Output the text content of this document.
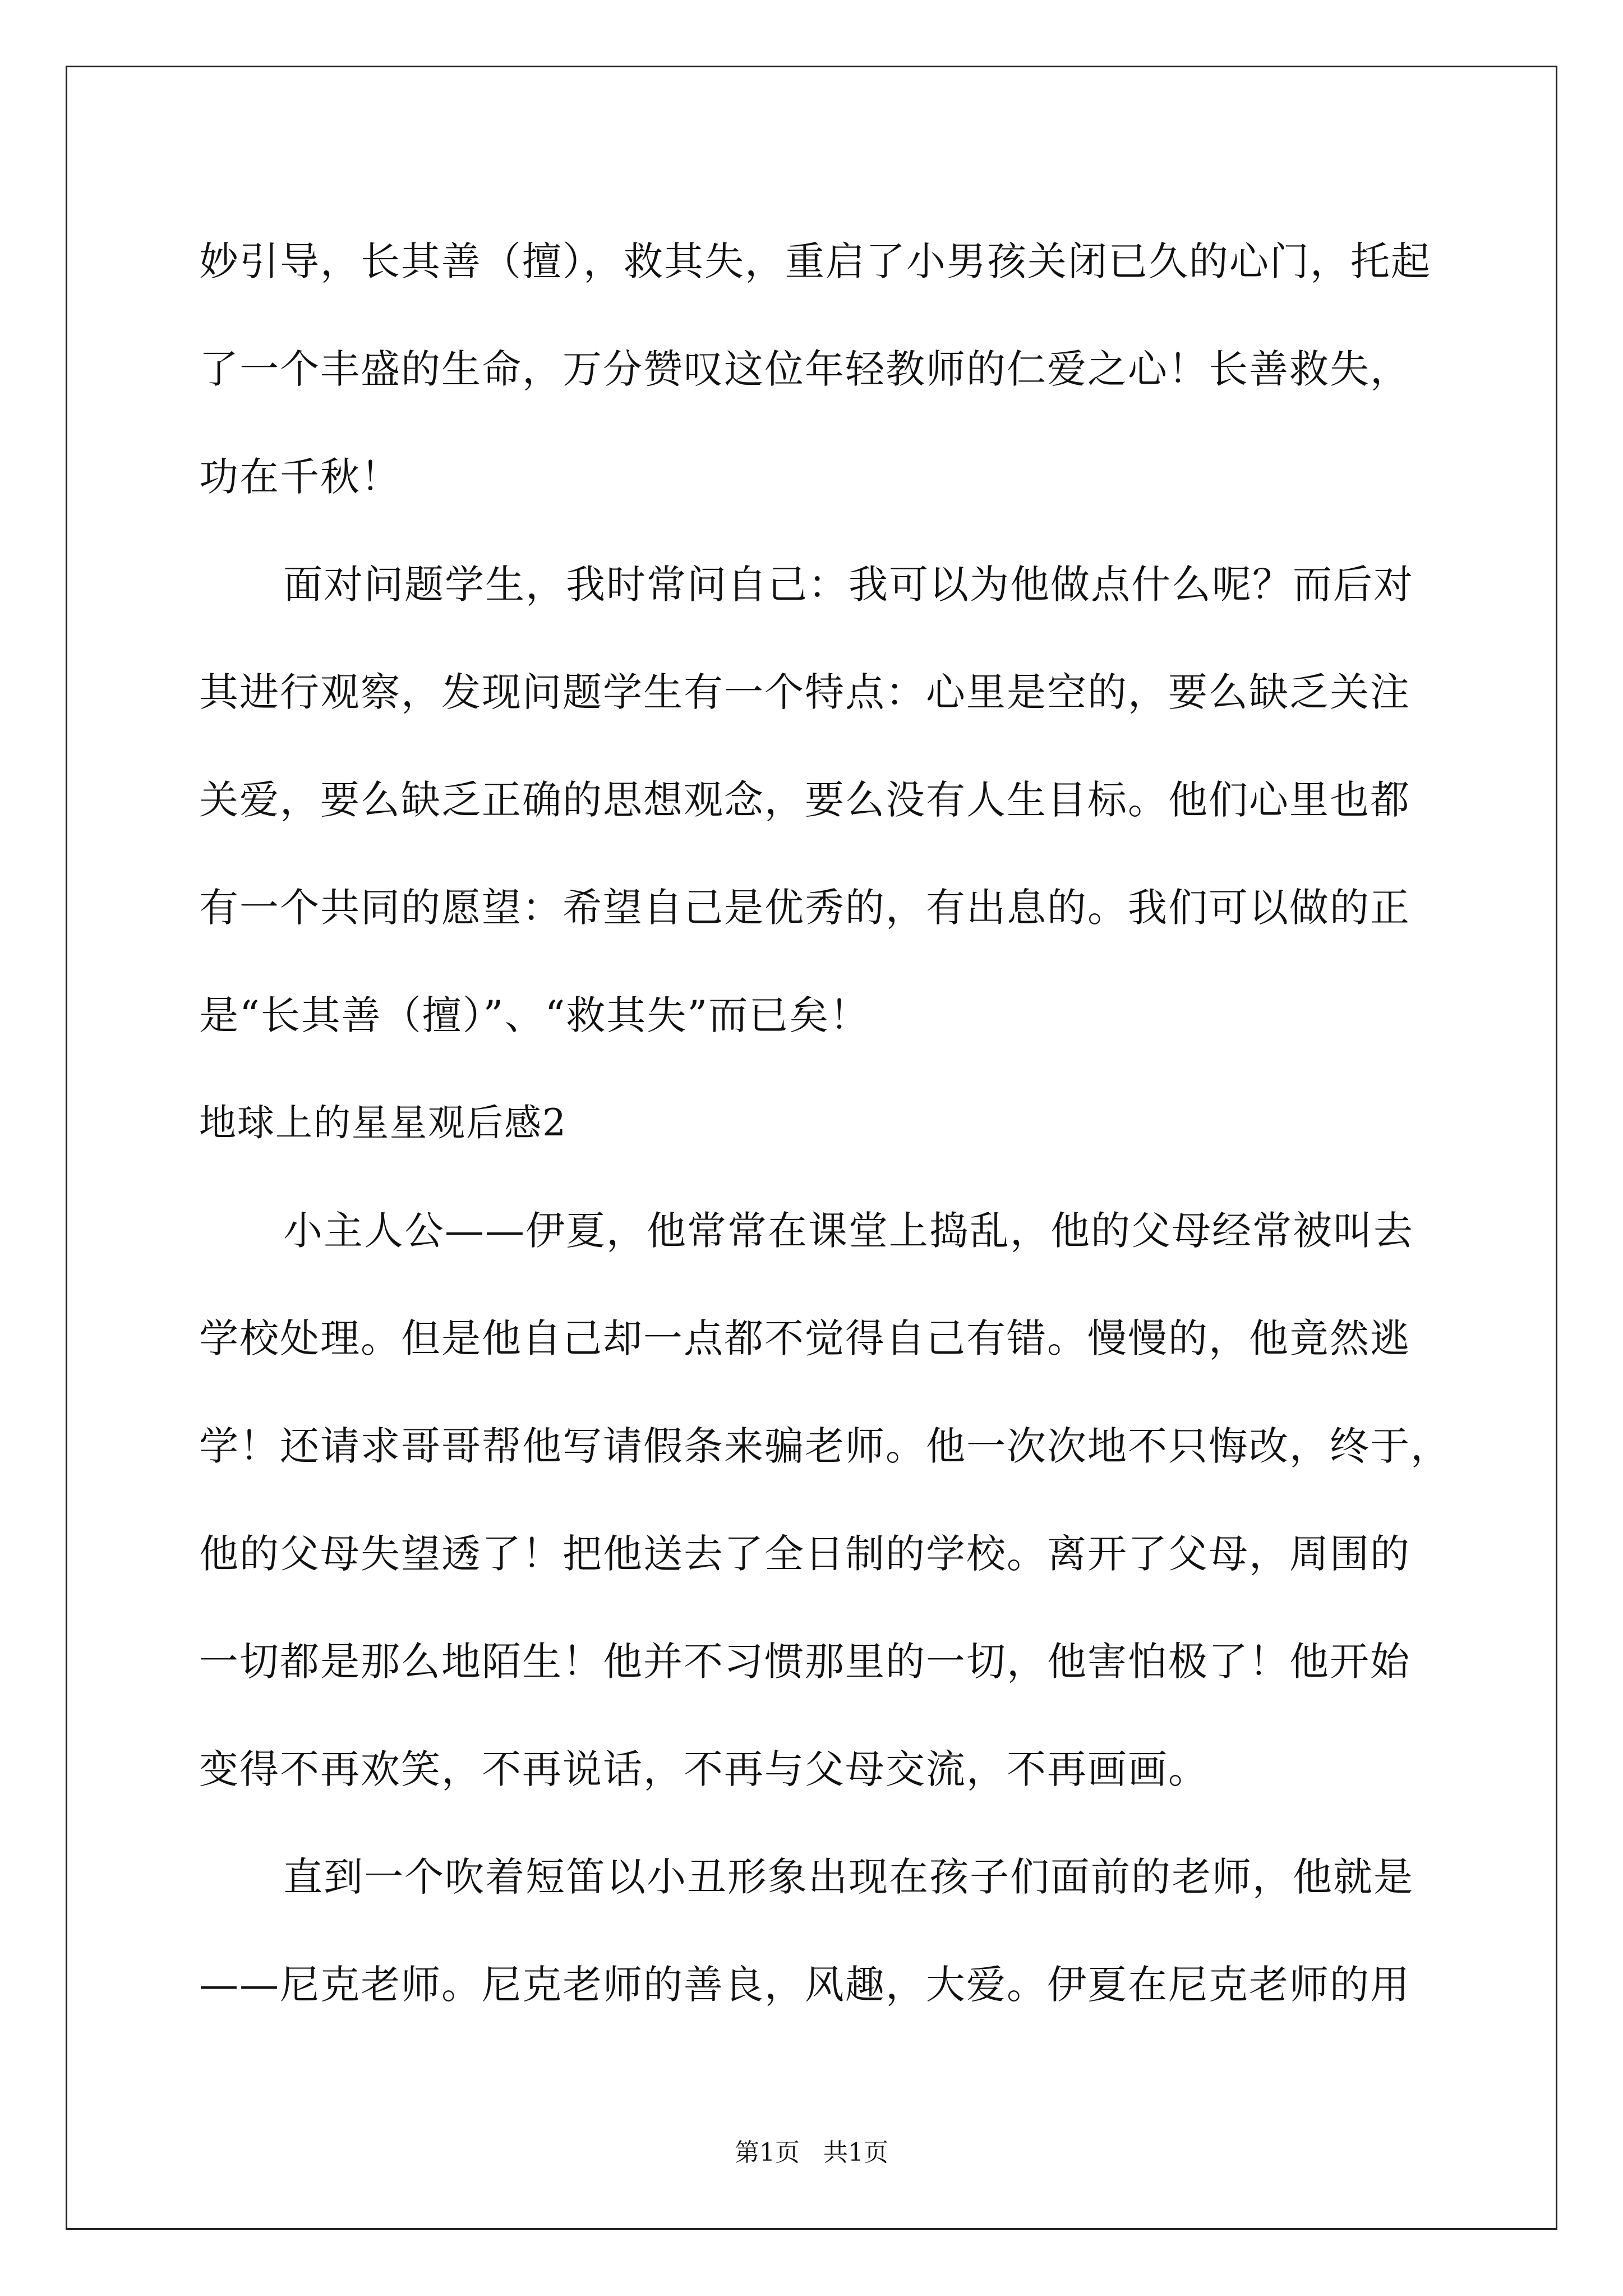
妙引导，长其善（擅），救其失，重启了小男孩关闭已久的心门，托起
了一个丰盛的生命，万分赞叹这位年轻教师的仁爱之心！长善救失，
功在千秋！
面对问题学生，我时常问自己：我可以为他做点什么呢？而后对
其进行观察，发现问题学生有一个特点：心里是空的，要么缺乏关注
关爱，要么缺乏正确的思想观念，要么没有人生目标。他们心里也都
有一个共同的愿望：希望自己是优秀的，有出息的。我们可以做的正
是“长其善（擅）”、“救其失”而已矣！
地球上的星星观后感2
小主人公——伊夏，他常常在课堂上捣乱，他的父母经常被叫去
学校处理。但是他自己却一点都不觉得自己有错。慢慢的，他竟然逃
学！还请求哥哥帮他写请假条来骗老师。他一次次地不只悔改，终于，
他的父母失望透了！把他送去了全日制的学校。离开了父母，周围的
一切都是那么地陌生！他并不习惯那里的一切，他害怕极了！他开始
变得不再欢笑，不再说话，不再与父母交流，不再画画。
直到一个吹着短笛以小丑形象出现在孩子们面前的老师，他就是
——尼克老师。尼克老师的善良，风趣，大爱。伊夏在尼克老师的用
第1页   共1页
